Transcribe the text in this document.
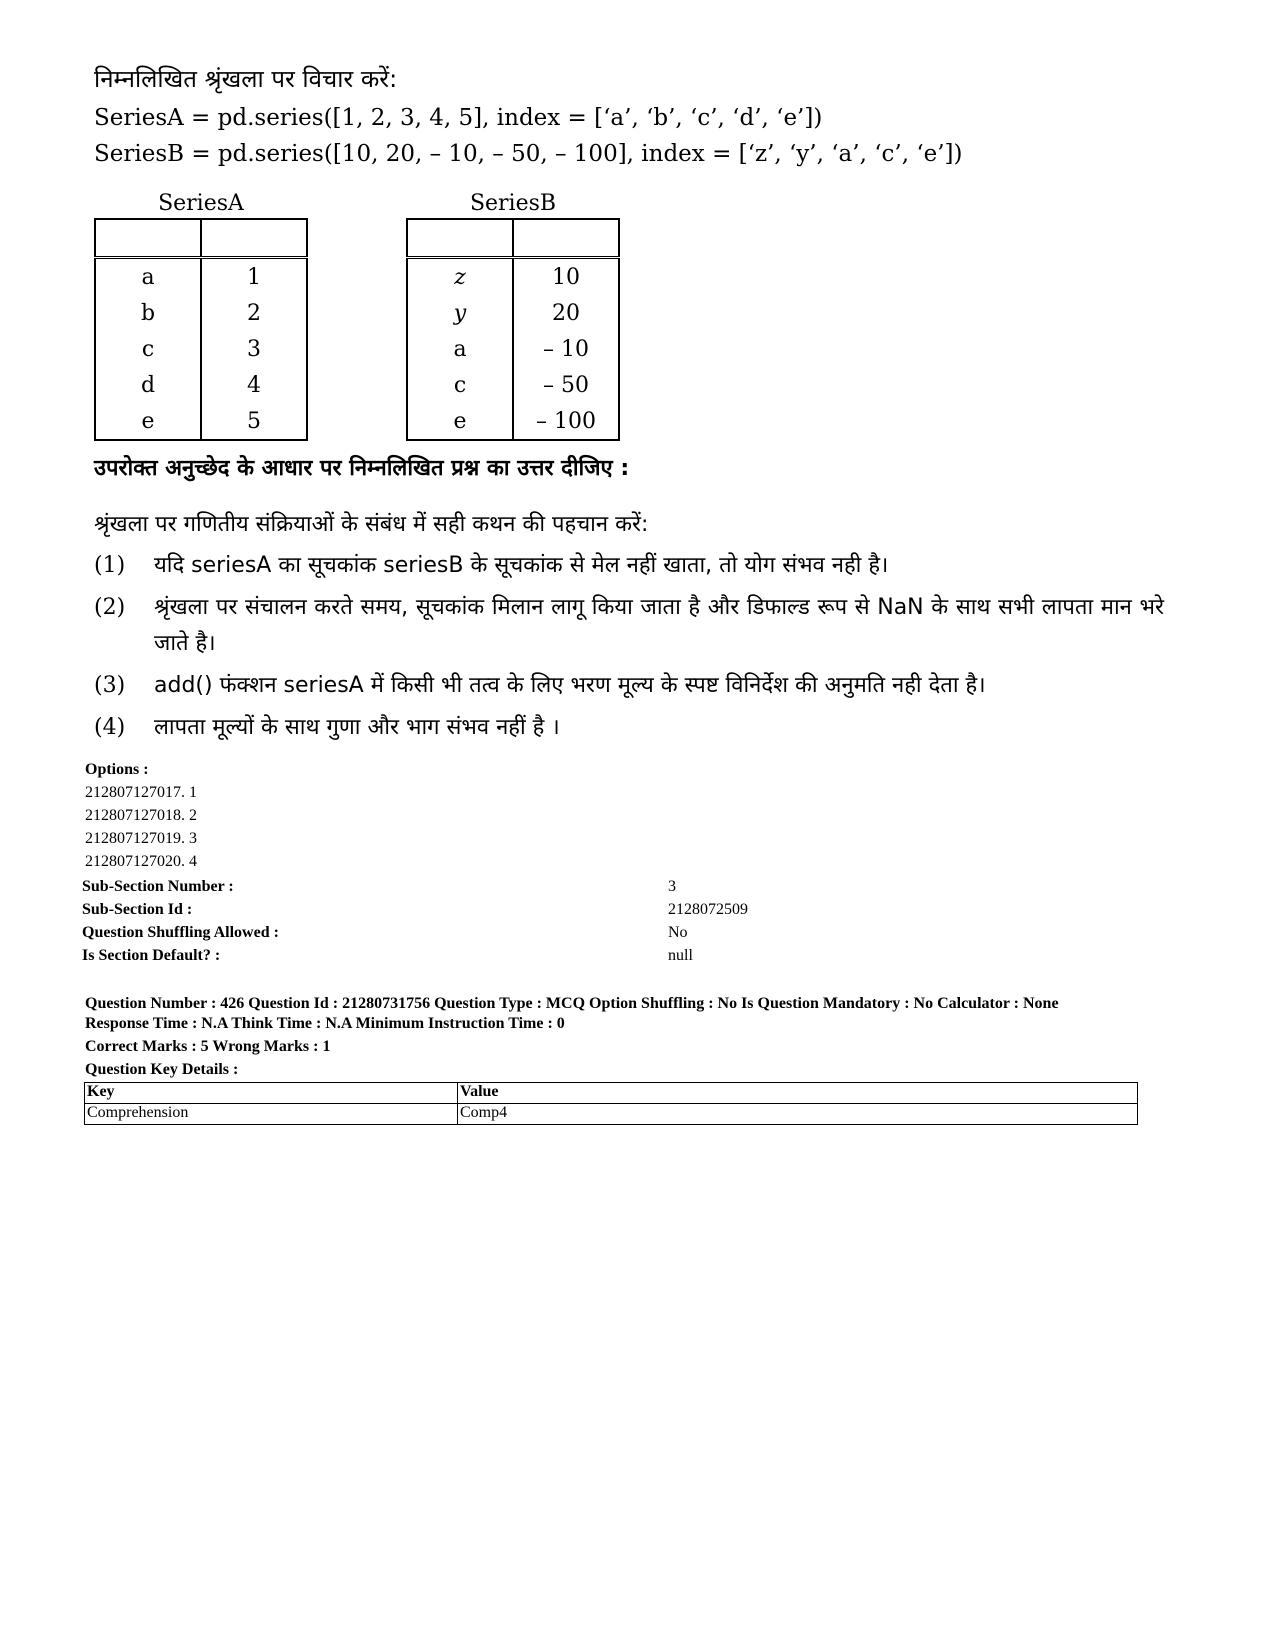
निम्नलिखित श्रृंखला पर विचार करें:
SeriesA = pd.series([1, 2, 3, 4, 5], index = [‘a’, ‘b’, ‘c’, ‘d’, ‘e’])
SeriesB = pd.series([10, 20, – 10, – 50, – 100], index = [‘z’, ‘y’, ‘a’, ‘c’, ‘e’])
SeriesA

a	1
b	2
c	3
d	4
e	5
SeriesB

z	10
y	20
a	– 10
c	– 50
e	– 100
उपरोक्त अनुच्छेद के आधार पर निम्नलिखित प्रश्न का उत्तर दीजिए :
श्रृंखला पर गणितीय संक्रियाओं के संबंध में सही कथन की पहचान करें:
(1)	यदि seriesA का सूचकांक seriesB के सूचकांक से मेल नहीं खाता, तो योग संभव नही है।
(2)	श्रृंखला पर संचालन करते समय, सूचकांक मिलान लागू किया जाता है और डिफाल्ड रूप से NaN के साथ सभी लापता मान भरे जाते है।
(3)	add() फंक्शन seriesA में किसी भी तत्व के लिए भरण मूल्य के स्पष्ट विनिर्देश की अनुमति नही देता है।
(4)	लापता मूल्यों के साथ गुणा और भाग संभव नहीं है ।
Options :
212807127017. 1
212807127018. 2
212807127019. 3
212807127020. 4
Sub-Section Number :	3
Sub-Section Id :	2128072509
Question Shuffling Allowed :	No
Is Section Default? :	null
Question Number : 426 Question Id : 21280731756 Question Type : MCQ Option Shuffling : No Is Question Mandatory : No Calculator : None
Response Time : N.A Think Time : N.A Minimum Instruction Time : 0
Correct Marks : 5 Wrong Marks : 1
Question Key Details :
Key	Value
Comprehension	Comp4
